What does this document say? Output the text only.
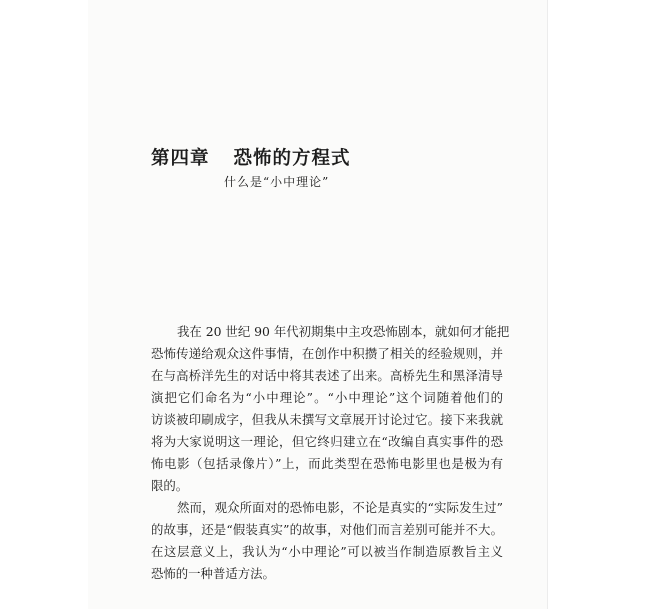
第四章 恐怖的方程式
什么是“小中理论”
我在 20 世纪 90 年代初期集中主攻恐怖剧本，就如何才能把
恐怖传递给观众这件事情，在创作中积攒了相关的经验规则，并
在与高桥洋先生的对话中将其表述了出来。高桥先生和黑泽清导
演把它们命名为“小中理论”。“小中理论”这个词随着他们的
访谈被印刷成字，但我从未撰写文章展开讨论过它。接下来我就
将为大家说明这一理论，但它终归建立在“改编自真实事件的恐
怖电影（包括录像片）”上，而此类型在恐怖电影里也是极为有
限的。
然而，观众所面对的恐怖电影，不论是真实的“实际发生过”
的故事，还是“假装真实”的故事，对他们而言差别可能并不大。
在这层意义上，我认为“小中理论”可以被当作制造原教旨主义
恐怖的一种普适方法。
